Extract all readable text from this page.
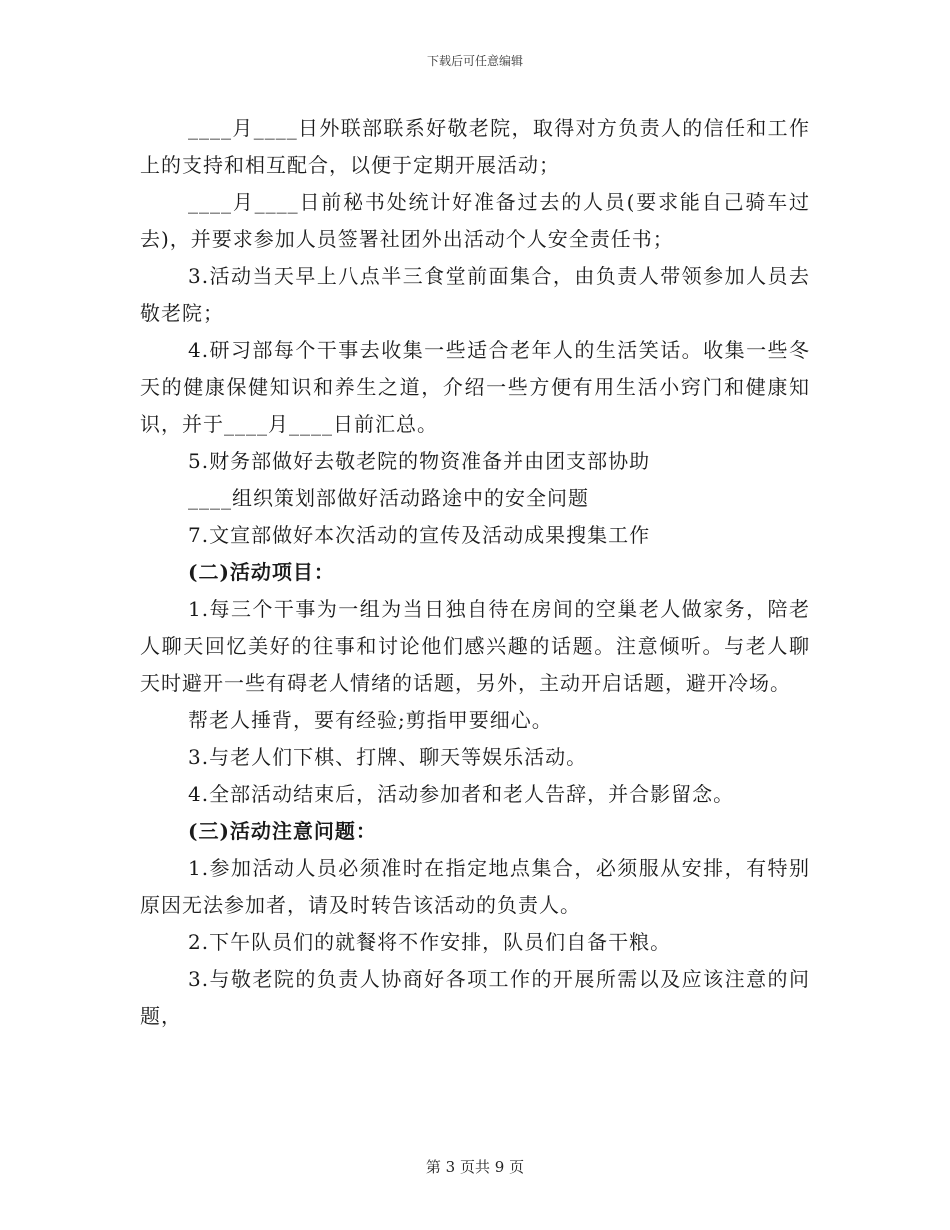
下载后可任意编辑
____月____日外联部联系好敬老院，取得对方负责人的信任和工作上的支持和相互配合，以便于定期开展活动；
____月____日前秘书处统计好准备过去的人员(要求能自己骑车过去)，并要求参加人员签署社团外出活动个人安全责任书；
3.活动当天早上八点半三食堂前面集合，由负责人带领参加人员去敬老院；
4.研习部每个干事去收集一些适合老年人的生活笑话。收集一些冬天的健康保健知识和养生之道，介绍一些方便有用生活小窍门和健康知识，并于____月____日前汇总。
5.财务部做好去敬老院的物资准备并由团支部协助
____组织策划部做好活动路途中的安全问题
7.文宣部做好本次活动的宣传及活动成果搜集工作
(二)活动项目：
1.每三个干事为一组为当日独自待在房间的空巢老人做家务，陪老人聊天回忆美好的往事和讨论他们感兴趣的话题。注意倾听。与老人聊天时避开一些有碍老人情绪的话题，另外，主动开启话题，避开冷场。
帮老人捶背，要有经验;剪指甲要细心。
3.与老人们下棋、打牌、聊天等娱乐活动。
4.全部活动结束后，活动参加者和老人告辞，并合影留念。
(三)活动注意问题：
1.参加活动人员必须准时在指定地点集合，必须服从安排，有特别原因无法参加者，请及时转告该活动的负责人。
2.下午队员们的就餐将不作安排，队员们自备干粮。
3.与敬老院的负责人协商好各项工作的开展所需以及应该注意的问题，
第 3 页共 9 页
